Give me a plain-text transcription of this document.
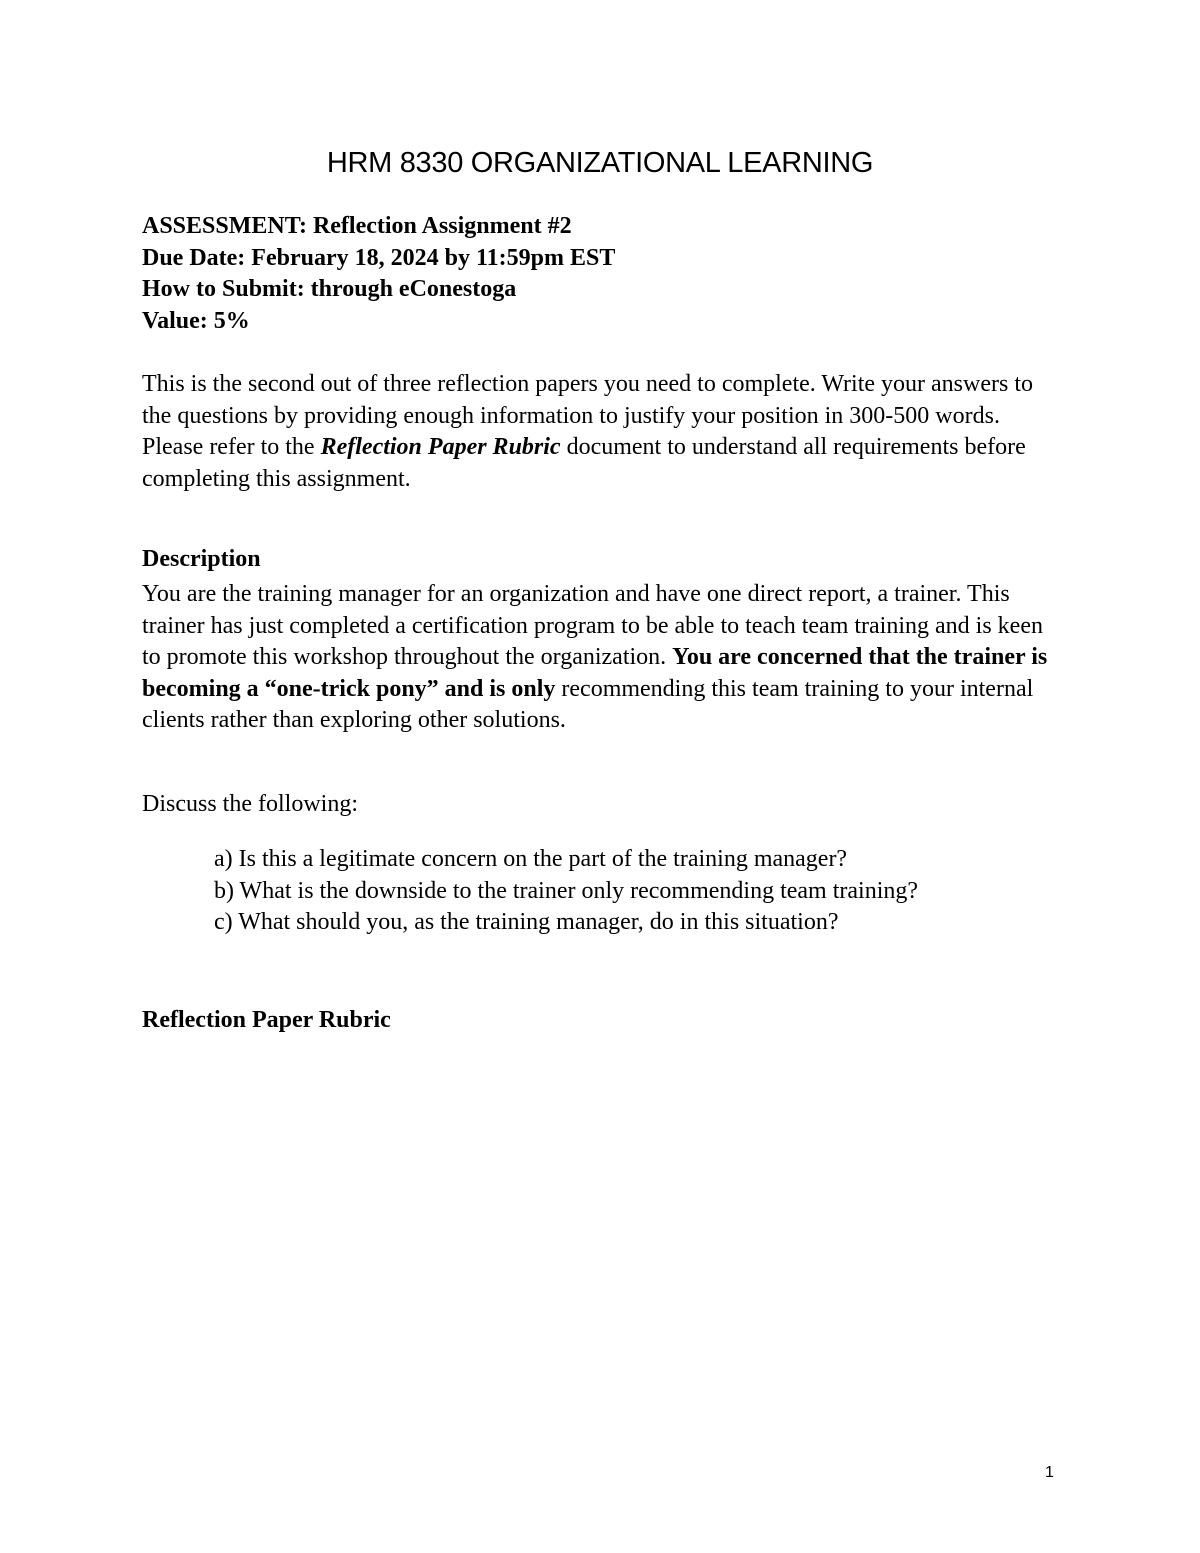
HRM 8330 ORGANIZATIONAL LEARNING
ASSESSMENT: Reflection Assignment #2
Due Date: February 18, 2024 by 11:59pm EST
How to Submit: through eConestoga
Value: 5%
This is the second out of three reflection papers you need to complete. Write your answers to the questions by providing enough information to justify your position in 300-500 words. Please refer to the Reflection Paper Rubric document to understand all requirements before completing this assignment.
Description
You are the training manager for an organization and have one direct report, a trainer. This trainer has just completed a certification program to be able to teach team training and is keen to promote this workshop throughout the organization. You are concerned that the trainer is becoming a “one-trick pony” and is only recommending this team training to your internal clients rather than exploring other solutions.
Discuss the following:
a) Is this a legitimate concern on the part of the training manager?
b) What is the downside to the trainer only recommending team training?
c) What should you, as the training manager, do in this situation?
Reflection Paper Rubric
1
